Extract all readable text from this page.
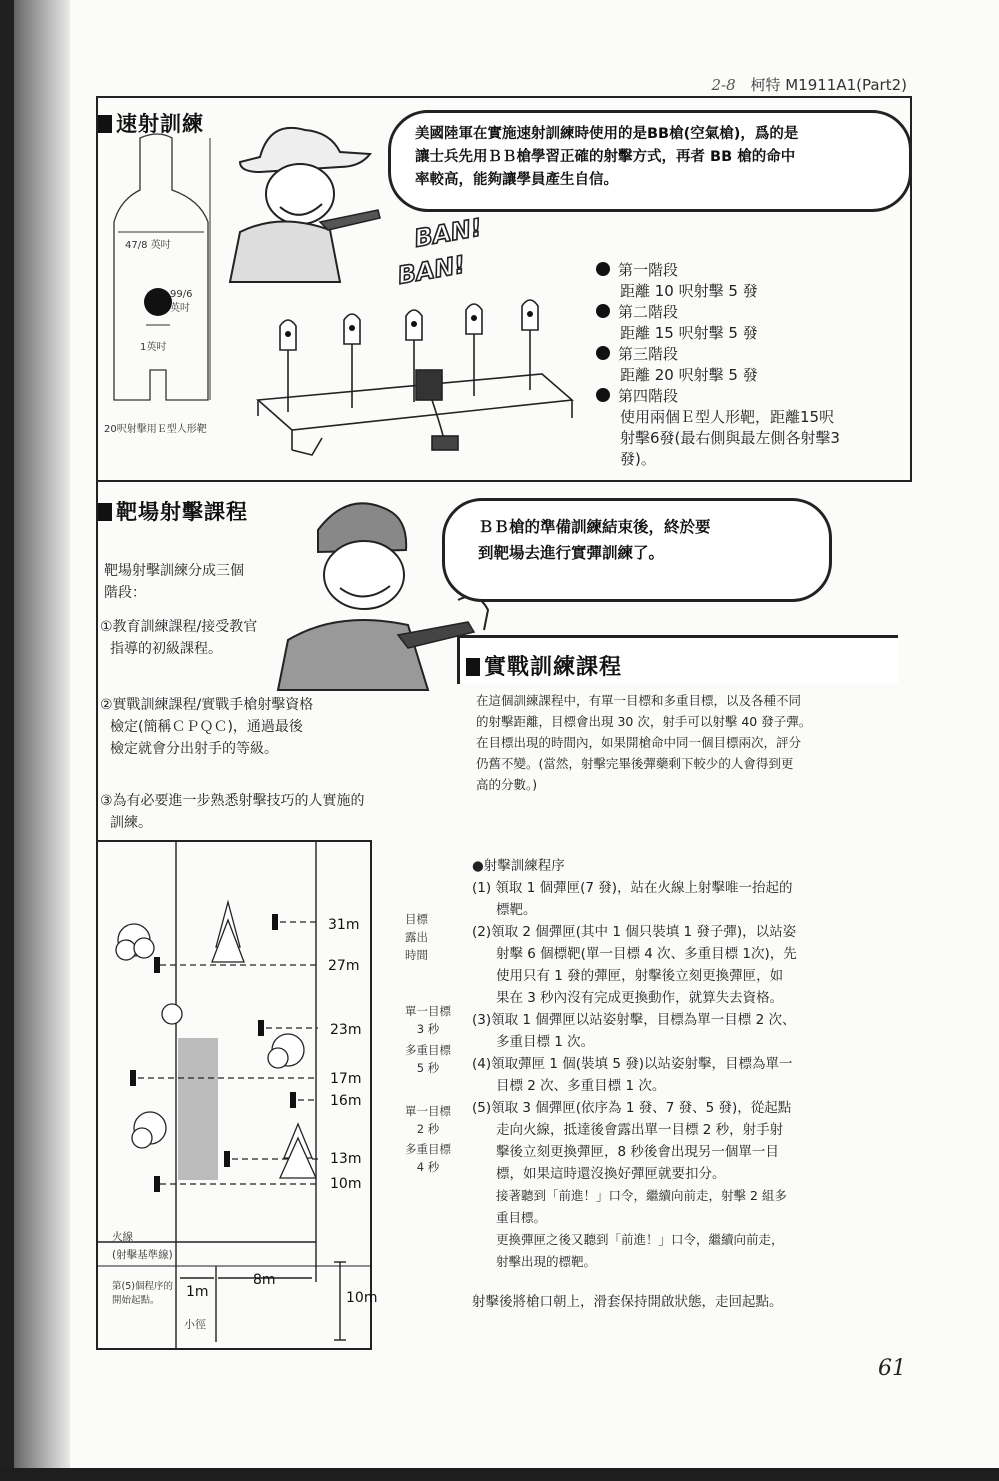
2-8 柯特 M1911A1(Part2)
速射訓練
47/8 英吋
99/6 英吋
1英吋
20呎射擊用Ｅ型人形靶
BAN!
BAN!
美國陸軍在實施速射訓練時使用的是BB槍(空氣槍)，爲的是
讓士兵先用ＢＢ槍學習正確的射擊方式，再者 BB 槍的命中
率較高，能夠讓學員產生自信。
第一階段
距離 10 呎射擊 5 發
第二階段
距離 15 呎射擊 5 發
第三階段
距離 20 呎射擊 5 發
第四階段
使用兩個Ｅ型人形靶，距離15呎
射擊6發(最右側與最左側各射擊3
發)。
靶場射擊課程
ＢＢ槍的準備訓練結束後，終於要
到靶場去進行實彈訓練了。
靶場射擊訓練分成三個
階段：
①教育訓練課程/接受教官
指導的初級課程。
②實戰訓練課程/實戰手槍射擊資格
檢定(簡稱ＣＰＱＣ)，通過最後
檢定就會分出射手的等級。
③為有必要進一步熟悉射擊技巧的人實施的
訓練。
實戰訓練課程
在這個訓練課程中，有單一目標和多重目標，以及各種不同
的射擊距離，目標會出現 30 次，射手可以射擊 40 發子彈。
在目標出現的時間內，如果開槍命中同一個目標兩次，評分
仍舊不變。(當然，射擊完畢後彈藥剩下較少的人會得到更
高的分數。)
31m
27m
23m
17m
16m
13m
10m
火線
(射擊基準線)
第(5)個程序的
開始起點。
1m
8m
10m
小徑
目標
露出
時間
單一目標
3 秒
多重目標
5 秒
單一目標
2 秒
多重目標
4 秒

●射擊訓練程序

(1) 領取 1 個彈匣(7 發)，站在火線上射擊唯一抬起的

標靶。

(2)領取 2 個彈匣(其中 1 個只裝填 1 發子彈)，以站姿

射擊 6 個標靶(單一目標 4 次、多重目標 1次)，先

使用只有 1 發的彈匣，射擊後立刻更換彈匣，如

果在 3 秒內沒有完成更換動作，就算失去資格。

(3)領取 1 個彈匣以站姿射擊，目標為單一目標 2 次、

多重目標 1 次。

(4)領取彈匣 1 個(裝填 5 發)以站姿射擊，目標為單一

目標 2 次、多重目標 1 次。

(5)領取 3 個彈匣(依序為 1 發、7 發、5 發)，從起點

走向火線，抵達後會露出單一目標 2 秒，射手射

擊後立刻更換彈匣，8 秒後會出現另一個單一目

標，如果這時還沒換好彈匣就要扣分。

接著聽到「前進！」口令，繼續向前走，射擊 2 組多

重目標。

更換彈匣之後又聽到「前進！」口令，繼續向前走，

射擊出現的標靶。

射擊後將槍口朝上，滑套保持開啟狀態，走回起點。

61
